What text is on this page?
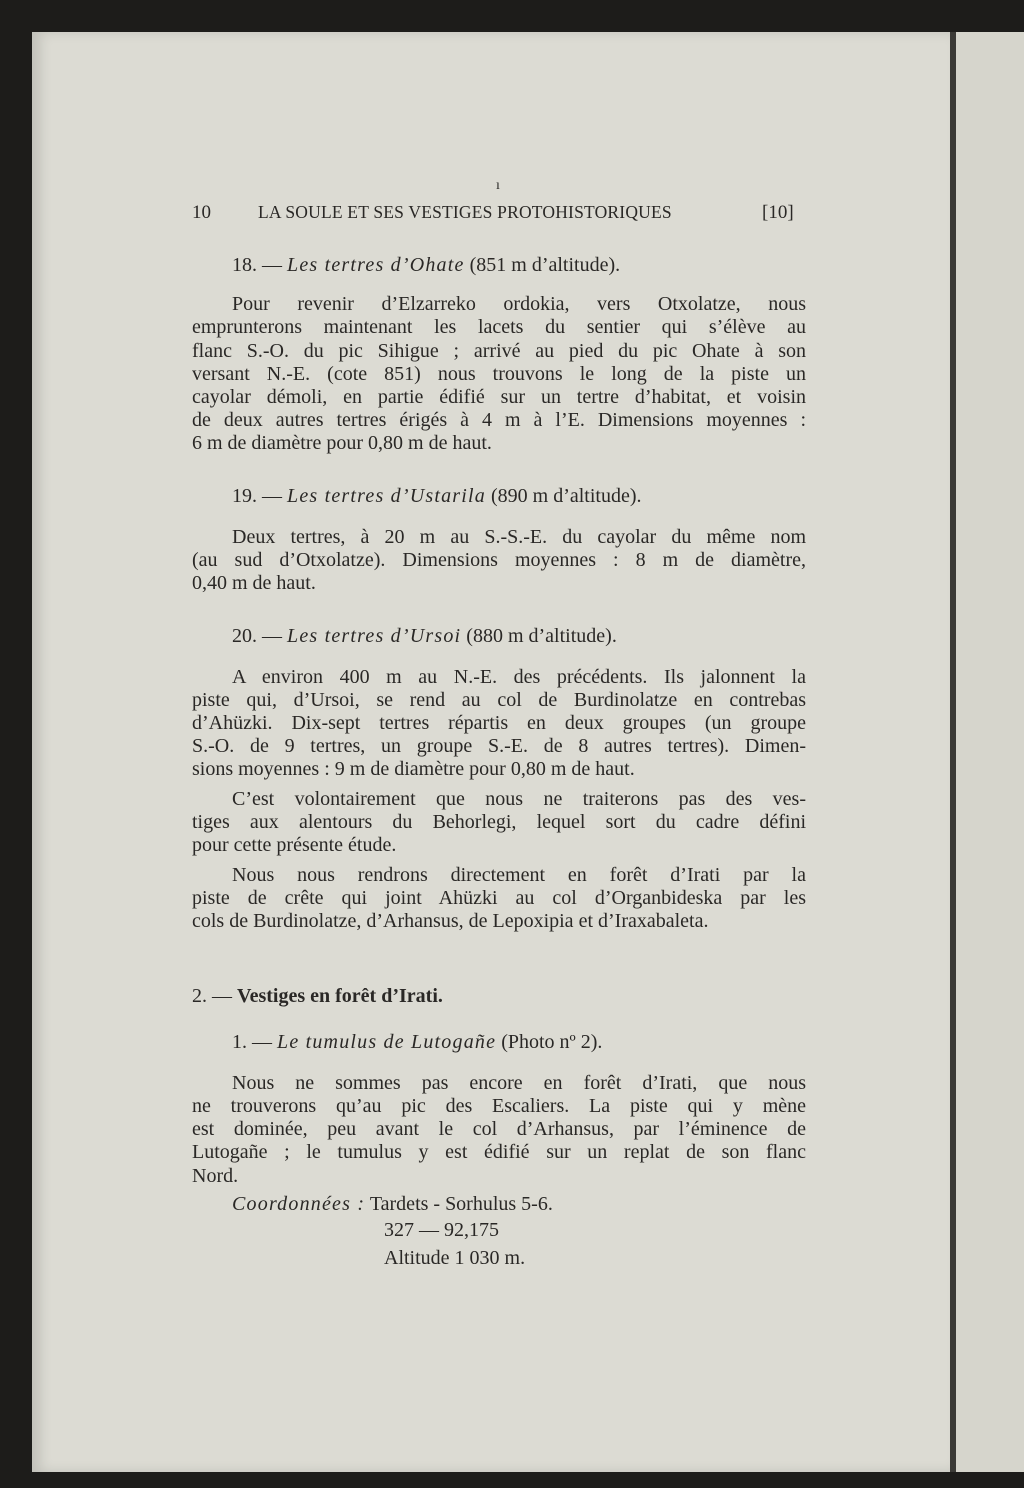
ı
10	LA SOULE ET SES VESTIGES PROTOHISTORIQUES	[10]
18. — Les tertres d’Ohate (851 m d’altitude).
Pour revenir d’Elzarreko ordokia, vers Otxolatze, nous
emprunterons maintenant les lacets du sentier qui s’élève au
flanc S.-O. du pic Sihigue ; arrivé au pied du pic Ohate à son
versant N.-E. (cote 851) nous trouvons le long de la piste un
cayolar démoli, en partie édifié sur un tertre d’habitat, et voisin
de deux autres tertres érigés à 4 m à l’E. Dimensions moyennes :
6 m de diamètre pour 0,80 m de haut.
19. — Les tertres d’Ustarila (890 m d’altitude).
Deux tertres, à 20 m au S.-S.-E. du cayolar du même nom
(au sud d’Otxolatze). Dimensions moyennes : 8 m de diamètre,
0,40 m de haut.
20. — Les tertres d’Ursoi (880 m d’altitude).
A environ 400 m au N.-E. des précédents. Ils jalonnent la
piste qui, d’Ursoi, se rend au col de Burdinolatze en contrebas
d’Ahüzki. Dix-sept tertres répartis en deux groupes (un groupe
S.-O. de 9 tertres, un groupe S.-E. de 8 autres tertres). Dimen-
sions moyennes : 9 m de diamètre pour 0,80 m de haut.
C’est volontairement que nous ne traiterons pas des ves-
tiges aux alentours du Behorlegi, lequel sort du cadre défini
pour cette présente étude.
Nous nous rendrons directement en forêt d’Irati par la
piste de crête qui joint Ahüzki au col d’Organbideska par les
cols de Burdinolatze, d’Arhansus, de Lepoxipia et d’Iraxabaleta.
2. — Vestiges en forêt d’Irati.
1. — Le tumulus de Lutogañe (Photo nº 2).
Nous ne sommes pas encore en forêt d’Irati, que nous
ne trouverons qu’au pic des Escaliers. La piste qui y mène
est dominée, peu avant le col d’Arhansus, par l’éminence de
Lutogañe ; le tumulus y est édifié sur un replat de son flanc
Nord.
Coordonnées : Tardets - Sorhulus 5-6.
327 — 92,175
Altitude 1 030 m.
